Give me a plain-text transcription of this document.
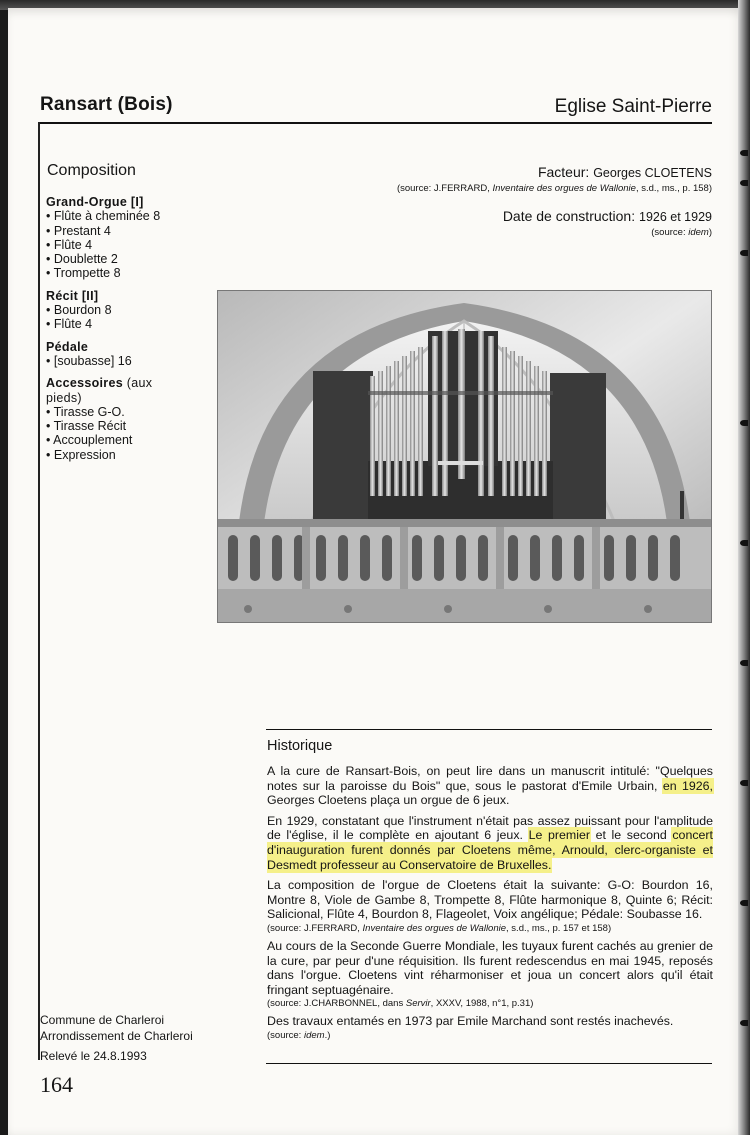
Ransart (Bois)	Eglise Saint-Pierre
Composition
Grand-Orgue [I]
• Flûte à cheminée 8
• Prestant 4
• Flûte 4
• Doublette 2
• Trompette 8
Récit [II]
• Bourdon 8
• Flûte 4
Pédale
• [soubasse] 16
Accessoires (aux pieds)
• Tirasse G-O.
• Tirasse Récit
• Accouplement
• Expression
Facteur: Georges CLOETENS
(source: J.FERRARD, Inventaire des orgues de Wallonie, s.d., ms., p. 158)
Date de construction: 1926 et 1929
(source: idem)
Historique

A la cure de Ransart-Bois, on peut lire dans un manuscrit intitulé: "Quelques notes sur la paroisse du Bois" que, sous le pastorat d'Emile Urbain, en 1926, Georges Cloetens plaça un orgue de 6 jeux.

En 1929, constatant que l'instrument n'était pas assez puissant pour l'amplitude de l'église, il le complète en ajoutant 6 jeux. Le premier et le second concert d'inauguration furent donnés par Cloetens même, Arnould, clerc-organiste et Desmedt professeur au Conservatoire de Bruxelles.

La composition de l'orgue de Cloetens était la suivante: G-O: Bourdon 16, Montre 8, Viole de Gambe 8, Trompette 8, Flûte harmonique 8, Quinte 6; Récit: Salicional, Flûte 4, Bourdon 8, Flageolet, Voix angélique; Pédale: Soubasse 16.

(source: J.FERRARD, Inventaire des orgues de Wallonie, s.d., ms., p. 157 et 158)

Au cours de la Seconde Guerre Mondiale, les tuyaux furent cachés au grenier de la cure, par peur d'une réquisition. Ils furent redescendus en mai 1945, reposés dans l'orgue. Cloetens vint réharmoniser et joua un concert alors qu'il était fringant septuagénaire.

(source: J.CHARBONNEL, dans Servir, XXXV, 1988, n°1, p.31)

Des travaux entamés en 1973 par Emile Marchand sont restés inachevés.

(source: idem.)
Commune de Charleroi
Arrondissement de Charleroi
Relevé le 24.8.1993
164
